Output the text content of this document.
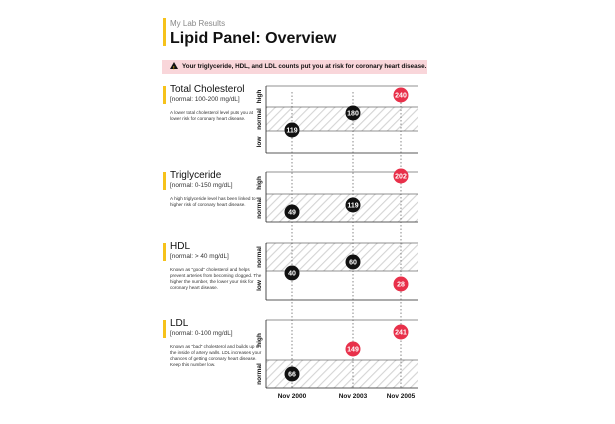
My Lab Results
Lipid Panel: Overview
!Your triglyceride, HDL, and LDL counts put you at risk for coronary heart disease.
Total Cholesterol
[normal: 100-200 mg/dL]
A lower total cholesterol level puts you at lower risk for coronary heart disease.
Triglyceride
[normal: 0-150 mg/dL]
A high triglyceride level has been linked to higher risk of coronary heart disease.
HDL
[normal: > 40 mg/dL]
Known as "good" cholesterol and helps prevent arteries from becoming clogged. The higher the number, the lower your risk for coronary heart disease.
LDL
[normal: 0-100 mg/dL]
Known as "bad" cholesterol and builds up on the inside of artery walls. LDL increases your chances of getting coronary heart disease. Keep this number low.
119
180
240
49
119
202
40
60
28
66
149
241
high
normal
low
high
normal
normal
low
high
normal
Nov 2000	Nov 2003	Nov 2005
